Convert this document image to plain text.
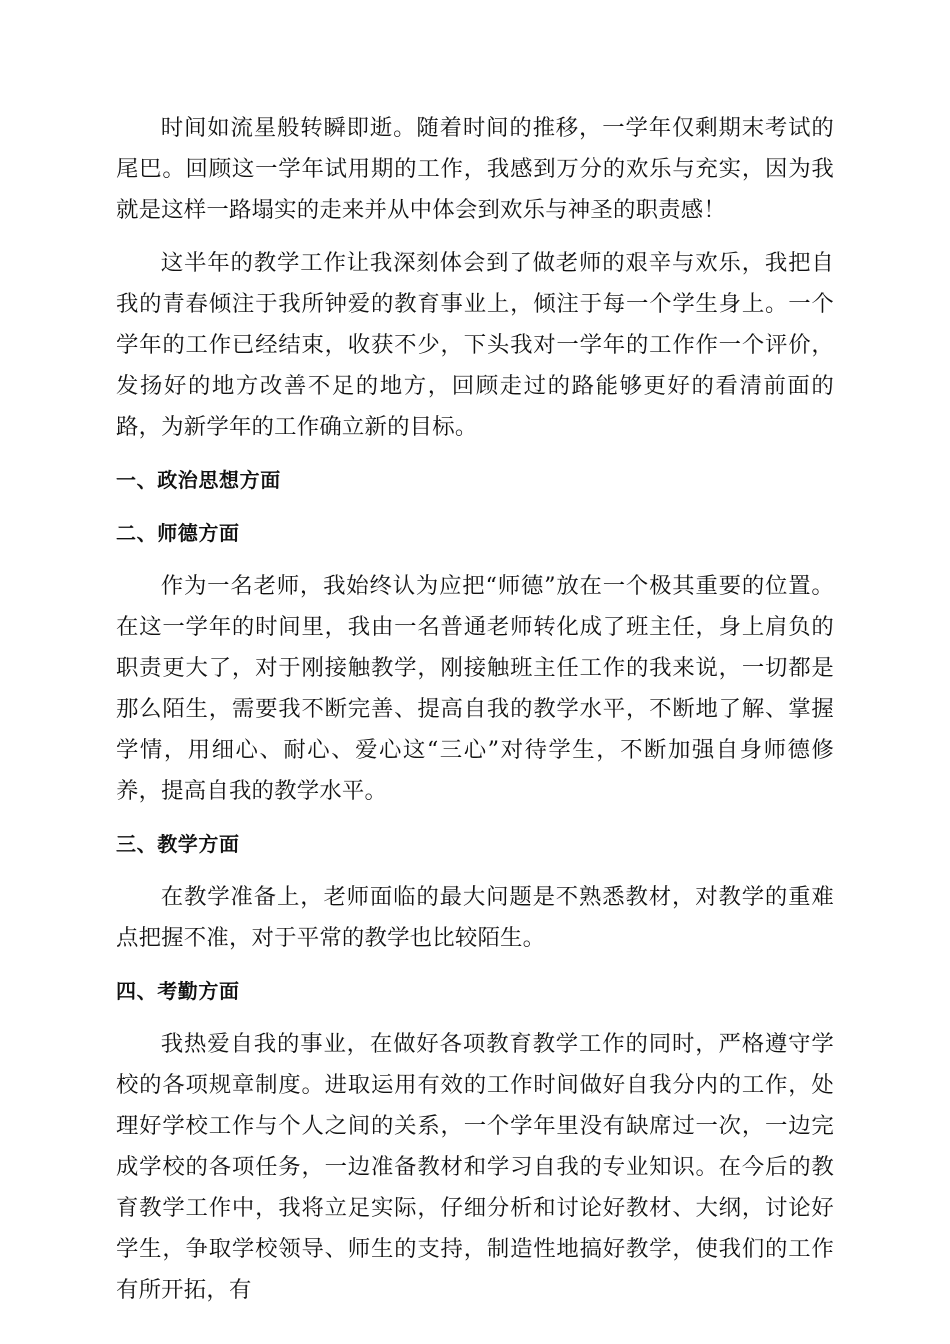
时间如流星般转瞬即逝。随着时间的推移，一学年仅剩期末考试的尾巴。回顾这一学年试用期的工作，我感到万分的欢乐与充实，因为我就是这样一路塌实的走来并从中体会到欢乐与神圣的职责感！

这半年的教学工作让我深刻体会到了做老师的艰辛与欢乐，我把自我的青春倾注于我所钟爱的教育事业上，倾注于每一个学生身上。一个学年的工作已经结束，收获不少，下头我对一学年的工作作一个评价，发扬好的地方改善不足的地方，回顾走过的路能够更好的看清前面的路，为新学年的工作确立新的目标。

一、政治思想方面
二、师德方面

作为一名老师，我始终认为应把“师德”放在一个极其重要的位置。在这一学年的时间里，我由一名普通老师转化成了班主任，身上肩负的职责更大了，对于刚接触教学，刚接触班主任工作的我来说，一切都是那么陌生，需要我不断完善、提高自我的教学水平，不断地了解、掌握学情，用细心、耐心、爱心这“三心”对待学生，不断加强自身师德修养，提高自我的教学水平。

三、教学方面

在教学准备上，老师面临的最大问题是不熟悉教材，对教学的重难点把握不准，对于平常的教学也比较陌生。

四、考勤方面

我热爱自我的事业，在做好各项教育教学工作的同时，严格遵守学校的各项规章制度。进取运用有效的工作时间做好自我分内的工作，处理好学校工作与个人之间的关系，一个学年里没有缺席过一次，一边完成学校的各项任务，一边准备教材和学习自我的专业知识。在今后的教育教学工作中，我将立足实际，仔细分析和讨论好教材、大纲，讨论好学生，争取学校领导、师生的支持，制造性地搞好教学，使我们的工作有所开拓，有
